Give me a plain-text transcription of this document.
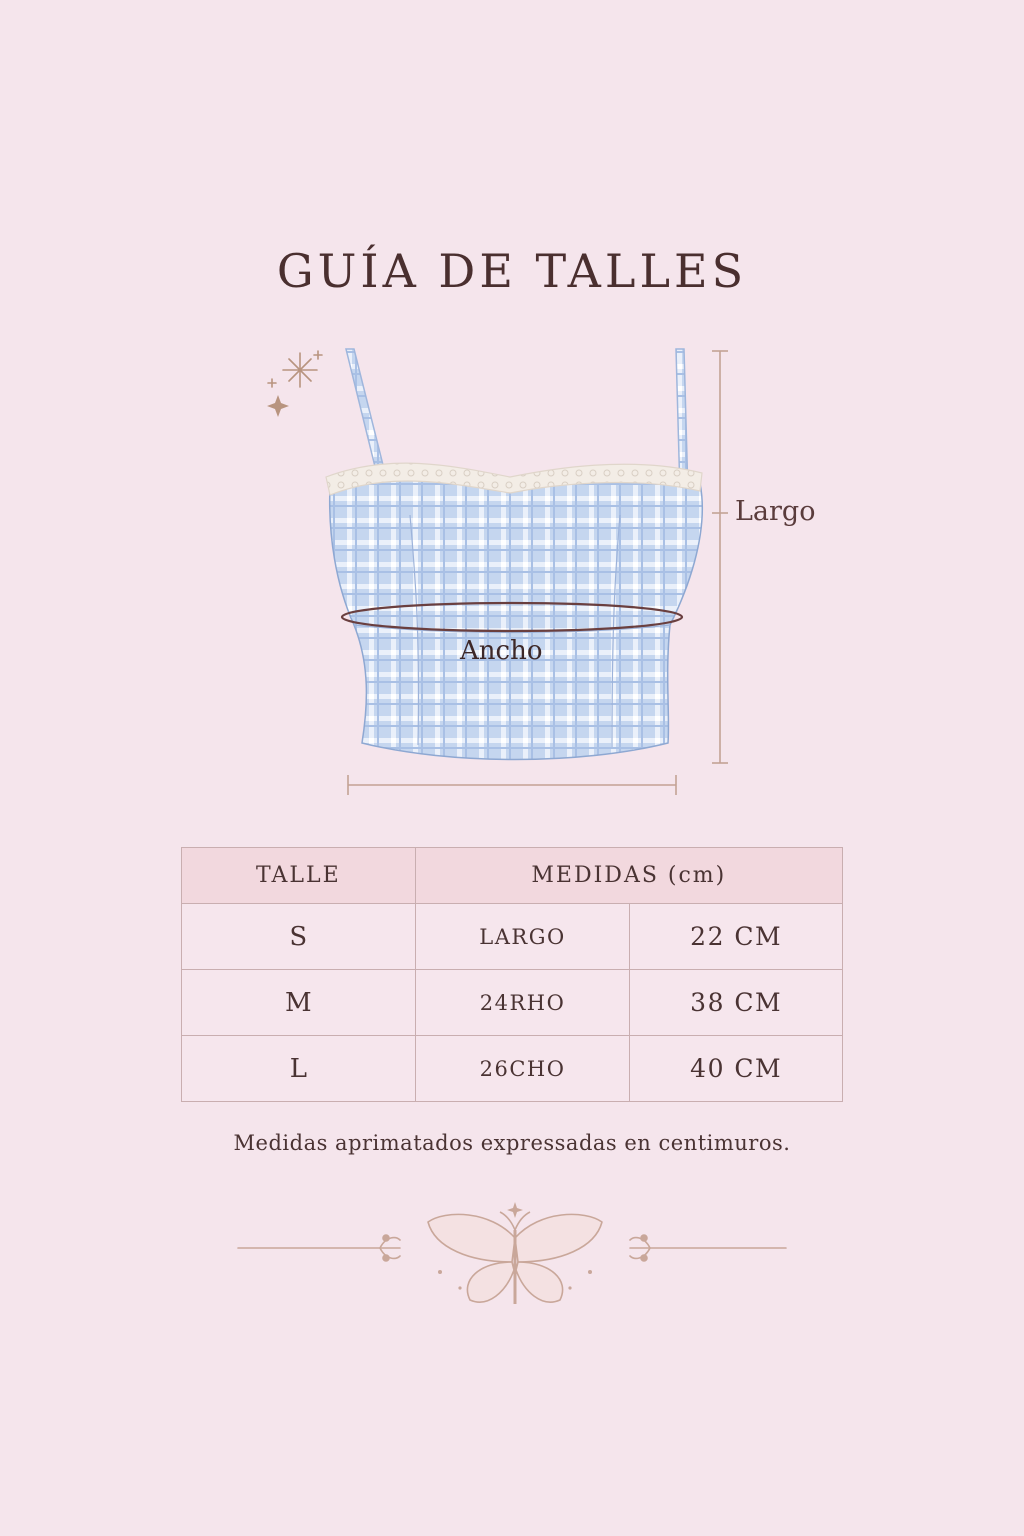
GUÍA DE TALLES
Largo
Ancho
TALLE	MEDIDAS (cm)	
S	LARGO	22 CM
M	24RHO	38 CM
L	26CHO	40 CM
Medidas aprimatados expressadas en centimuros.
